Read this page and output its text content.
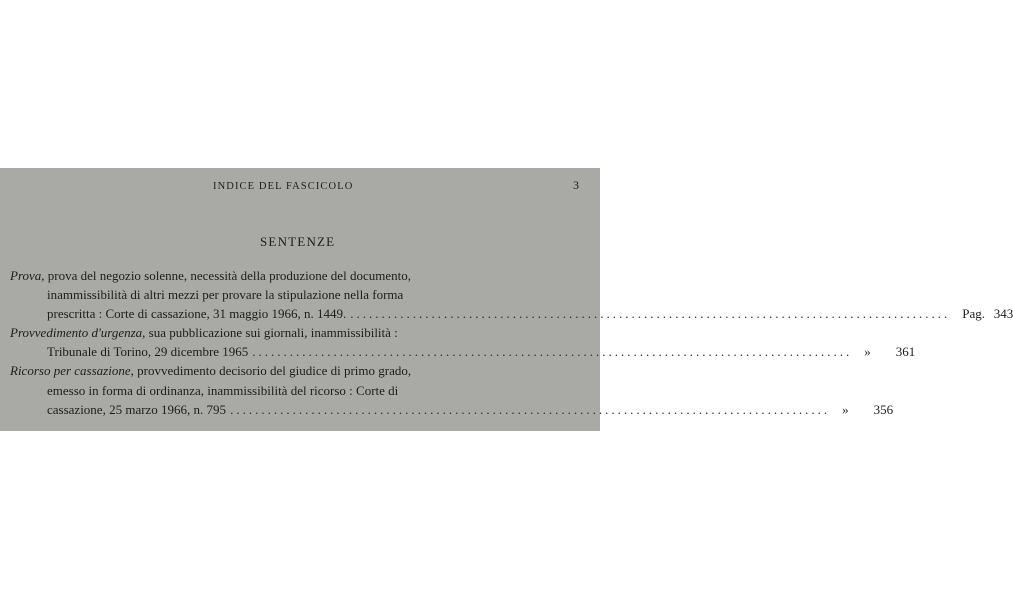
INDICE DEL FASCICOLO	3
SENTENZE
Prova , prova del negozio solenne, necessità della produzione del documento,
inammissibilità di altri mezzi per provare la stipulazione nella forma
prescritta : Corte di cassazione, 31 maggio 1966, n. 1449. ................................................................................................ Pag. 343
Provvedimento d'urgenza , sua pubblicazione sui giornali, inammissibilità :
Tribunale di Torino, 29 dicembre 1965 ................................................................................................ » 361
Ricorso per cassazione , provvedimento decisorio del giudice di primo grado,
emesso in forma di ordinanza, inammissibilità del ricorso : Corte di
cassazione, 25 marzo 1966, n. 795 ................................................................................................ » 356
